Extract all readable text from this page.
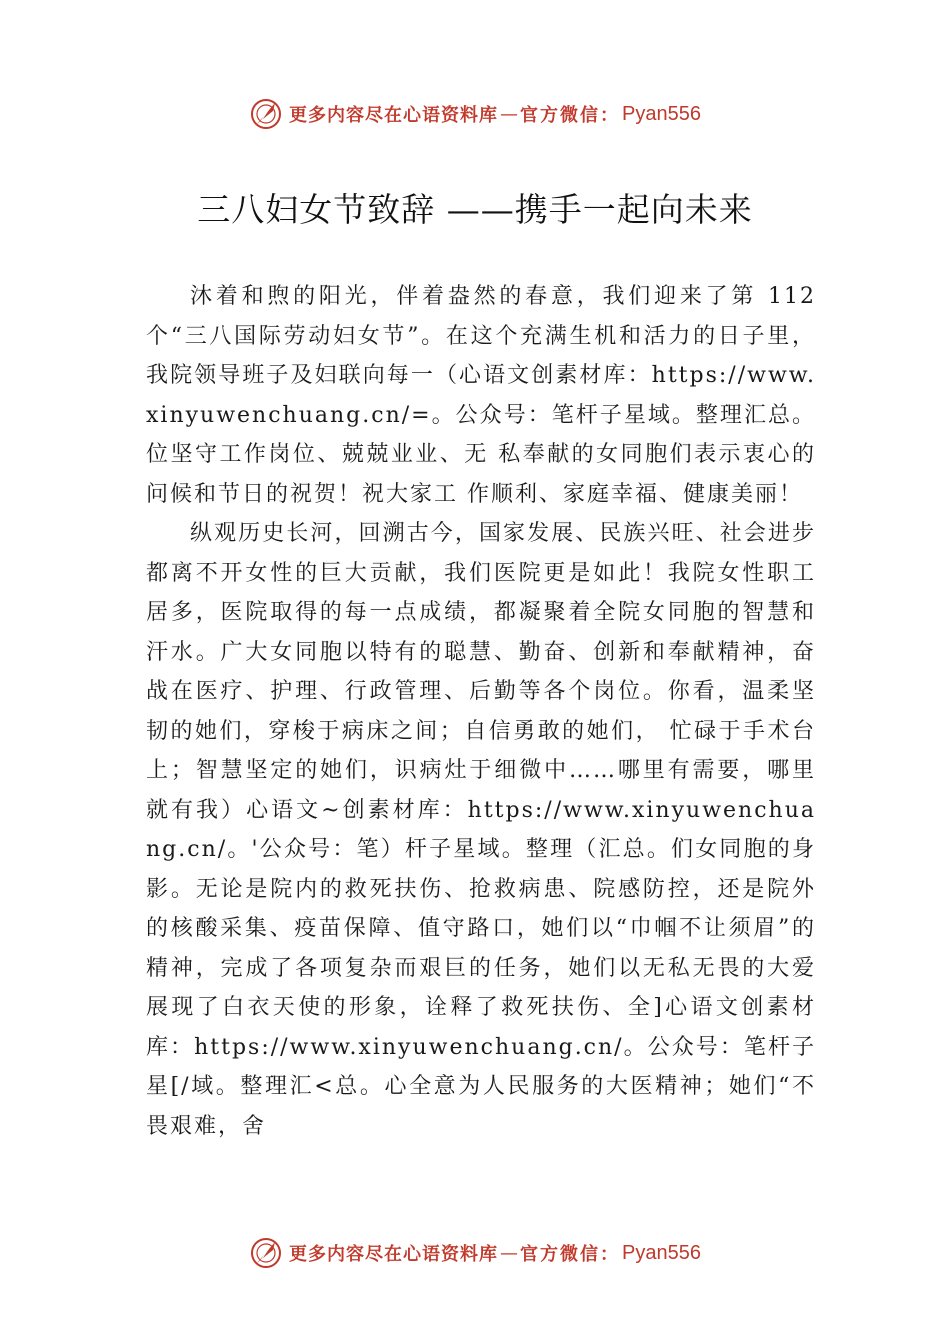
更多内容尽在心语资料库 — 官方微信： Pyan556
三八妇女节致辞 ——携手一起向未来

沐着和煦的阳光，伴着盎然的春意，我们迎来了第 112 个“三八国际劳动妇女节”。在这个充满生机和活力的日子里， 我院领导班子及妇联向每一（心语文创素材库：https://www.xinyuwenchuang.cn/=。公众号：笔杆子星域。整理汇总。位坚守工作岗位、兢兢业业、无 私奉献的女同胞们表示衷心的问候和节日的祝贺！祝大家工 作顺利、家庭幸福、健康美丽！

纵观历史长河，回溯古今，国家发展、民族兴旺、社会进步都离不开女性的巨大贡献，我们医院更是如此！我院女性职工居多，医院取得的每一点成绩，都凝聚着全院女同胞的智慧和汗水。广大女同胞以特有的聪慧、勤奋、创新和奉献精神，奋战在医疗、护理、行政管理、后勤等各个岗位。你看，温柔坚韧的她们，穿梭于病床之间；自信勇敢的她们， 忙碌于手术台上；智慧坚定的她们，识病灶于细微中……哪里有需要，哪里就有我）心语文~创素材库：https://www.xinyuwenchuang.cn/。'公众号：笔）杆子星域。整理（汇总。们女同胞的身影。无论是院内的救死扶伤、抢救病患、院感防控，还是院外的核酸采集、疫苗保障、值守路口，她们以“巾帼不让须眉”的精神，完成了各项复杂而艰巨的任务，她们以无私无畏的大爱展现了白衣天使的形象，诠释了救死扶伤、全]心语文创素材库：https://www.xinyuwenchuang.cn/。公众号：笔杆子星[/域。整理汇<总。心全意为人民服务的大医精神；她们“不畏艰难，舍

更多内容尽在心语资料库 — 官方微信： Pyan556
